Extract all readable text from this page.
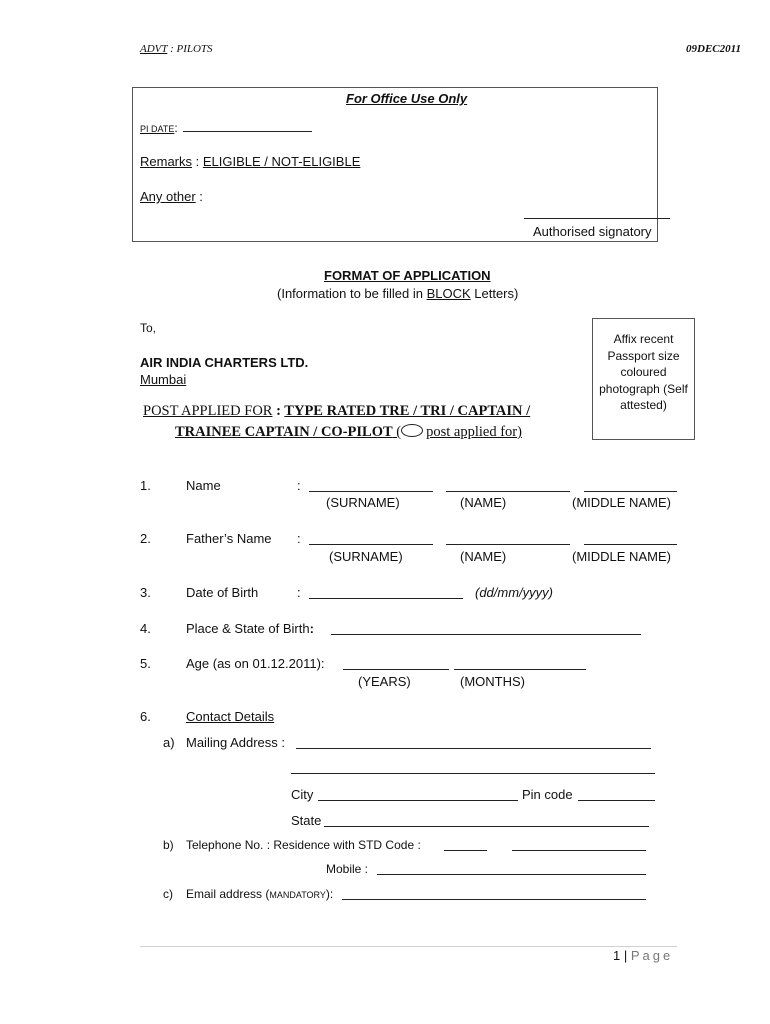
ADVT : PILOTS	09DEC2011
For Office Use Only
PI DATE:
Remarks : ELIGIBLE / NOT-ELIGIBLE
Any other :
Authorised signatory
FORMAT OF APPLICATION
(Information to be filled in BLOCK Letters)
To,
AIR INDIA CHARTERS LTD.
Mumbai
Affix recent Passport size coloured photograph (Self attested)
POST APPLIED FOR : TYPE RATED TRE / TRI / CAPTAIN /
TRAINEE CAPTAIN / CO-PILOT ( post applied for)
1.	Name	:
(SURNAME)	(NAME)	(MIDDLE NAME)
2.	Father’s Name :
(SURNAME)	(NAME)	(MIDDLE NAME)
3.	Date of Birth	:	(dd/mm/yyyy)
4.	Place & State of Birth:
5.	Age (as on 01.12.2011):
(YEARS)	(MONTHS)
6.	Contact Details
a) Mailing Address :
City	Pin code
State
b) Telephone No. : Residence with STD Code :
Mobile :
c) Email address (MANDATORY):
1 | Page
